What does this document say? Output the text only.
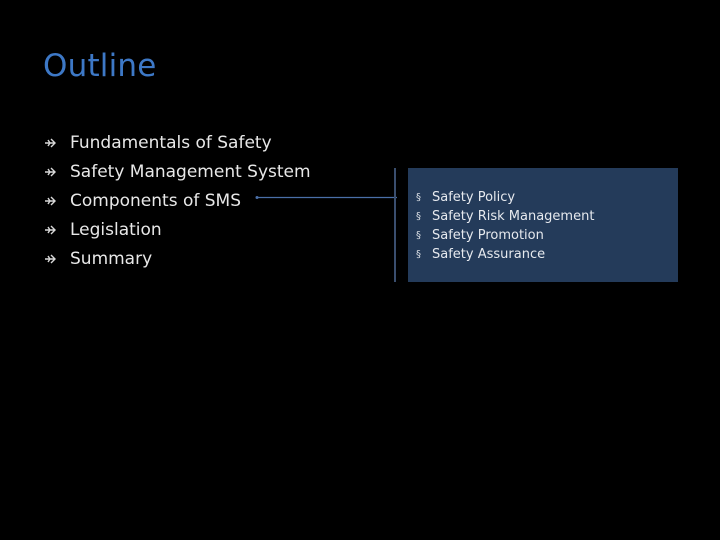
Outline
Fundamentals of Safety
Safety Management System
Components of SMS
Legislation
Summary
§ Safety Policy
§ Safety Risk Management
§ Safety Promotion
§ Safety Assurance
